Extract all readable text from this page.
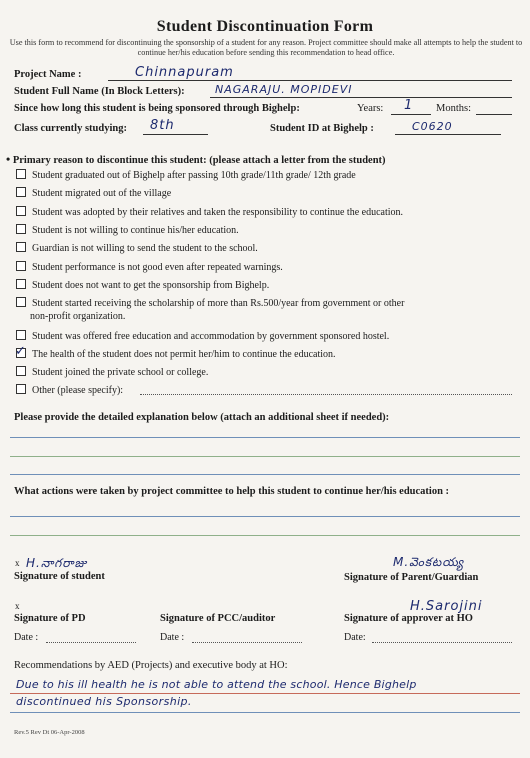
Student Discontinuation Form
Use this form to recommend for discontinuing the sponsorship of a student for any reason. Project committee should make all attempts to help the student to continue her/his education before sending this recommendation to head office.
Project Name :	Chinnapuram
Student Full Name (In Block Letters):	NAGARAJU. MOPIDEVI
Since how long this student is being sponsored through Bighelp:	Years: 1 Months:
Class currently studying: 8th	Student ID at Bighelp :	C0620
• Primary reason to discontinue this student: (please attach a letter from the student)
Student graduated out of Bighelp after passing 10th grade/11th grade/ 12th grade
Student migrated out of the village
Student was adopted by their relatives and taken the responsibility to continue the education.
Student is not willing to continue his/her education.
Guardian is not willing to send the student to the school.
Student performance is not good even after repeated warnings.
Student does not want to get the sponsorship from Bighelp.
Student started receiving the scholarship of more than Rs.500/year from government or other
non-profit organization.
Student was offered free education and accommodation by government sponsored hostel.
✓ The health of the student does not permit her/him to continue the education.
Student joined the private school or college.
Other (please specify):
Please provide the detailed explanation below (attach an additional sheet if needed):
What actions were taken by project committee to help this student to continue her/his education :
x H.నాగరాజు
Signature of student
M.వెంకటయ్య
Signature of Parent/Guardian
x
Signature of PD	Signature of PCC/auditor
H.Sarojini
Signature of approver at HO
Date :	Date :	Date:
Recommendations by AED (Projects) and executive body at HO:
Due to his ill health he is not able to attend the school. Hence Bighelp
discontinued his Sponsorship.
Rev.5 Rev Dt 06-Apr-2008
